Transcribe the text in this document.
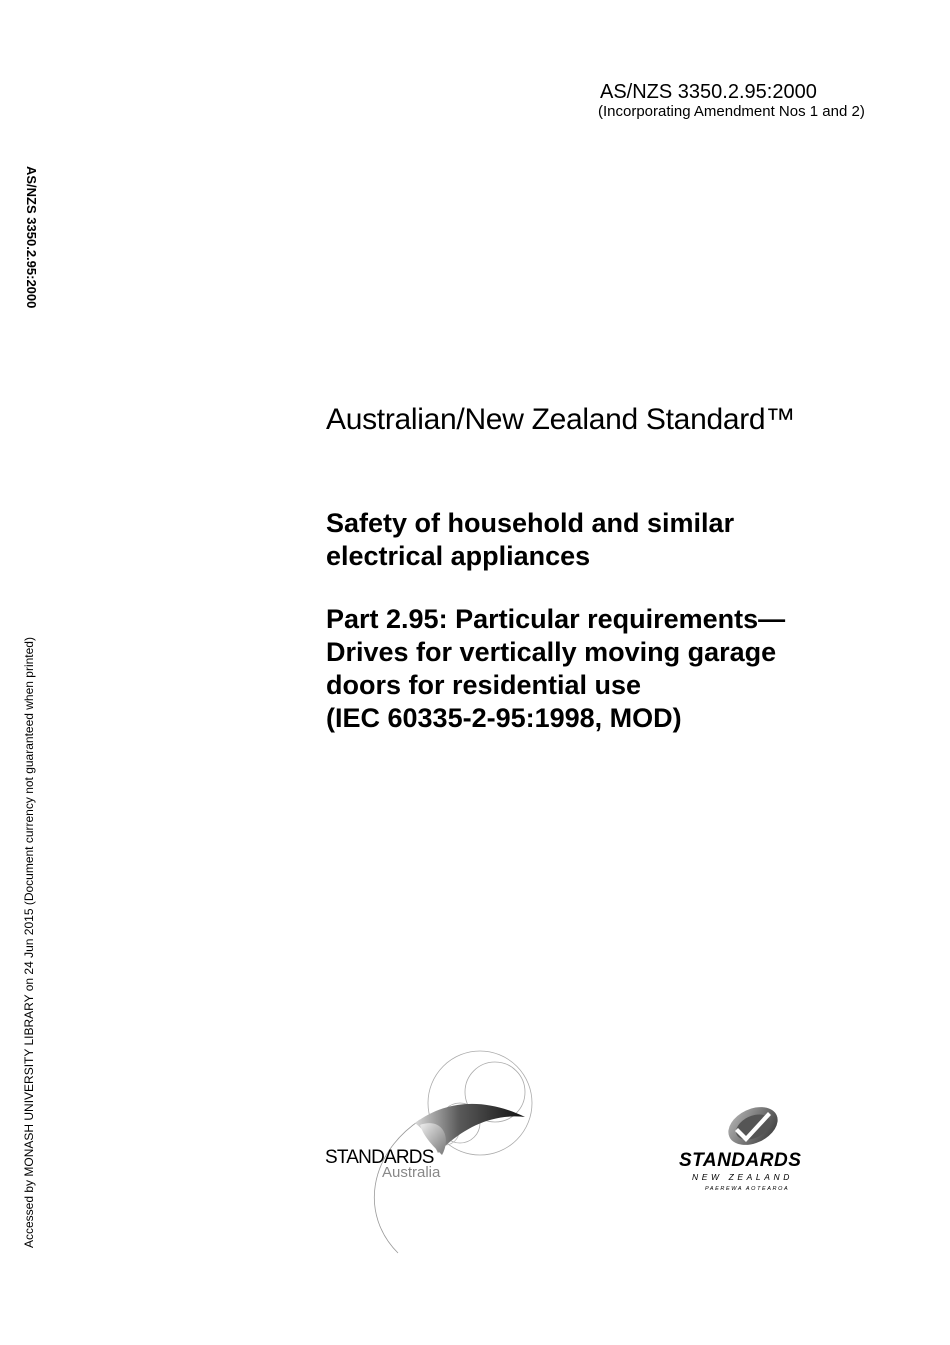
AS/NZS 3350.2.95:2000
(Incorporating Amendment Nos 1 and 2)
AS/NZS 3350.2.95:2000
Accessed by MONASH UNIVERSITY LIBRARY on 24 Jun 2015 (Document currency not guaranteed when printed)
Australian/New Zealand Standard™
Safety of household and similar
electrical appliances
Part 2.95: Particular requirements—
Drives for vertically moving garage
doors for residential use
(IEC 60335-2-95:1998, MOD)
STANDARDS
Australia
STANDARDS
NEW ZEALAND
PAEREWA AOTEAROA
